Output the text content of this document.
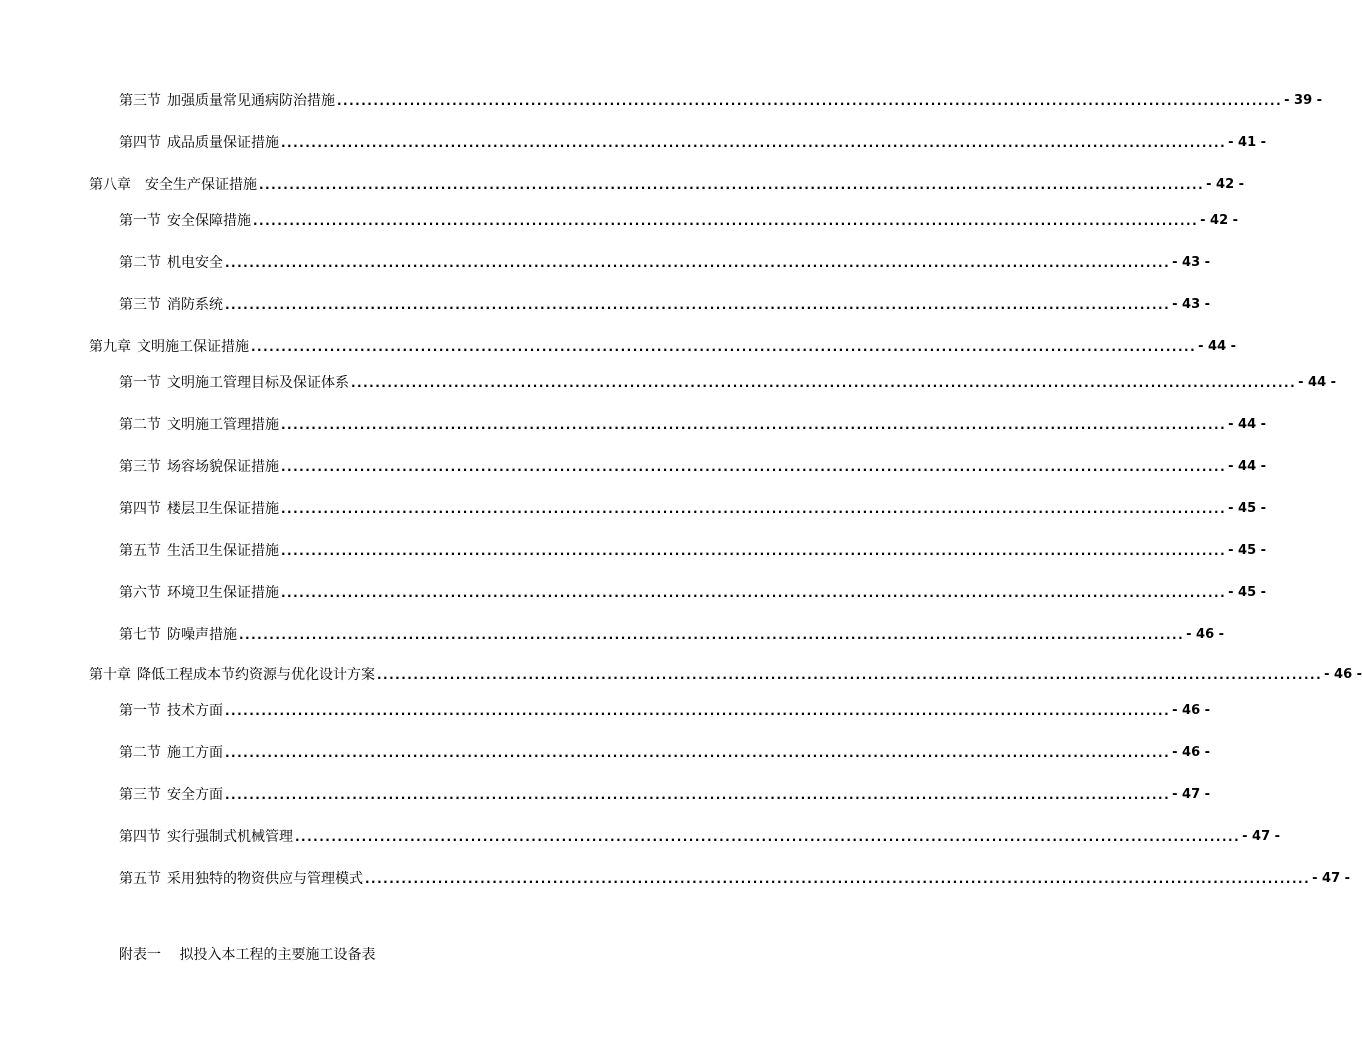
第三节 加强质量常见通病防治措施 ............................................................................................................................................................ - 39 -
第四节 成品质量保证措施 ............................................................................................................................................................ - 41 -
第八章 安全生产保证措施 ............................................................................................................................................................ - 42 -
第一节 安全保障措施 ............................................................................................................................................................ - 42 -
第二节 机电安全 ............................................................................................................................................................ - 43 -
第三节 消防系统 ............................................................................................................................................................ - 43 -
第九章 文明施工保证措施 ............................................................................................................................................................ - 44 -
第一节 文明施工管理目标及保证体系 ............................................................................................................................................................ - 44 -
第二节 文明施工管理措施 ............................................................................................................................................................ - 44 -
第三节 场容场貌保证措施 ............................................................................................................................................................ - 44 -
第四节 楼层卫生保证措施 ............................................................................................................................................................ - 45 -
第五节 生活卫生保证措施 ............................................................................................................................................................ - 45 -
第六节 环境卫生保证措施 ............................................................................................................................................................ - 45 -
第七节 防噪声措施 ............................................................................................................................................................ - 46 -
第十章 降低工程成本节约资源与优化设计方案 ............................................................................................................................................................ - 46 -
第一节 技术方面 ............................................................................................................................................................ - 46 -
第二节 施工方面 ............................................................................................................................................................ - 46 -
第三节 安全方面 ............................................................................................................................................................ - 47 -
第四节 实行强制式机械管理 ............................................................................................................................................................ - 47 -
第五节 采用独特的物资供应与管理模式 ............................................................................................................................................................ - 47 -
附表一 拟投入本工程的主要施工设备表
